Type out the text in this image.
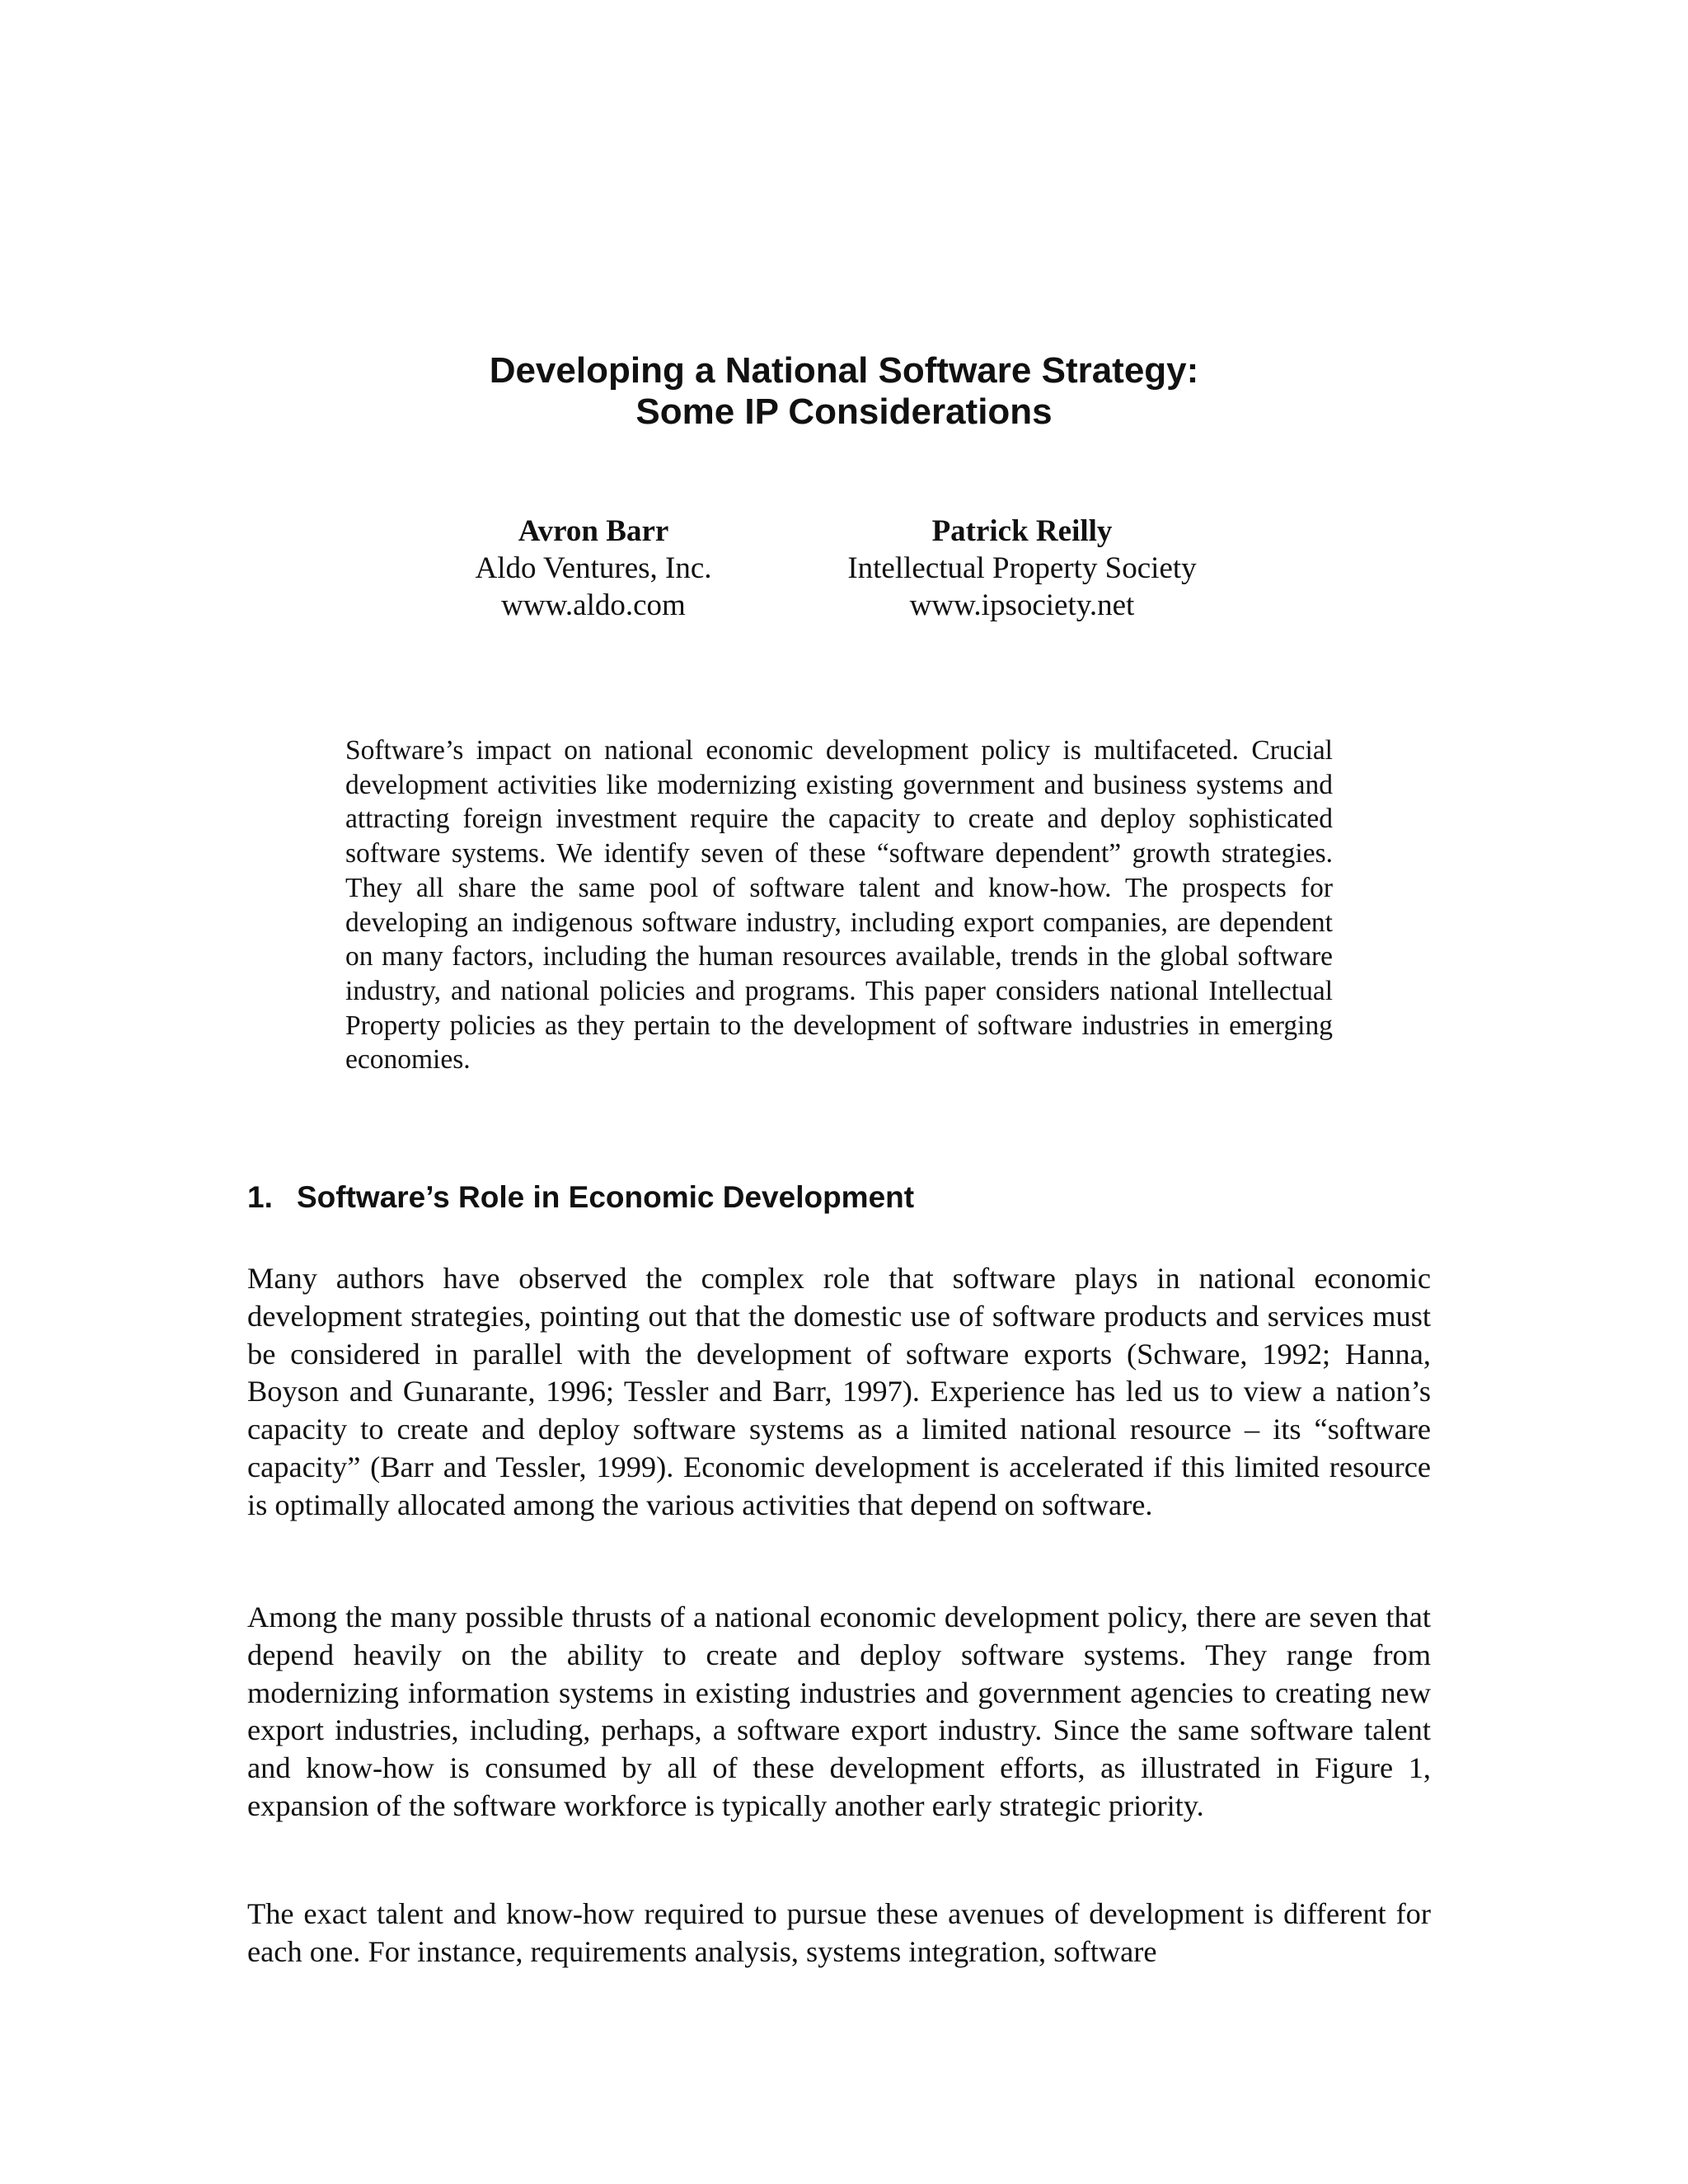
Developing a National Software Strategy:
Some IP Considerations
Avron Barr
Aldo Ventures, Inc.
www.aldo.com
Patrick Reilly
Intellectual Property Society
www.ipsociety.net

Software’s impact on national economic development policy is multifaceted. Crucial development activities like modernizing existing government and business systems and attracting foreign investment require the capacity to create and deploy sophisticated software systems. We identify seven of these “software dependent” growth strategies. They all share the same pool of software talent and know-how. The prospects for developing an indigenous software industry, including export companies, are dependent on many factors, including the human resources available, trends in the global software industry, and national policies and programs. This paper considers national Intellectual Property policies as they pertain to the development of software industries in emerging economies.

1. Software’s Role in Economic Development

Many authors have observed the complex role that software plays in national economic development strategies, pointing out that the domestic use of software products and services must be considered in parallel with the development of software exports (Schware, 1992; Hanna, Boyson and Gunarante, 1996; Tessler and Barr, 1997). Experience has led us to view a nation’s capacity to create and deploy software systems as a limited national resource – its “software capacity” (Barr and Tessler, 1999). Economic development is accelerated if this limited resource is optimally allocated among the various activities that depend on software.

Among the many possible thrusts of a national economic development policy, there are seven that depend heavily on the ability to create and deploy software systems. They range from modernizing information systems in existing industries and government agencies to creating new export industries, including, perhaps, a software export industry. Since the same software talent and know-how is consumed by all of these development efforts, as illustrated in Figure 1, expansion of the software workforce is typically another early strategic priority.

The exact talent and know-how required to pursue these avenues of development is different for each one. For instance, requirements analysis, systems integration, software
